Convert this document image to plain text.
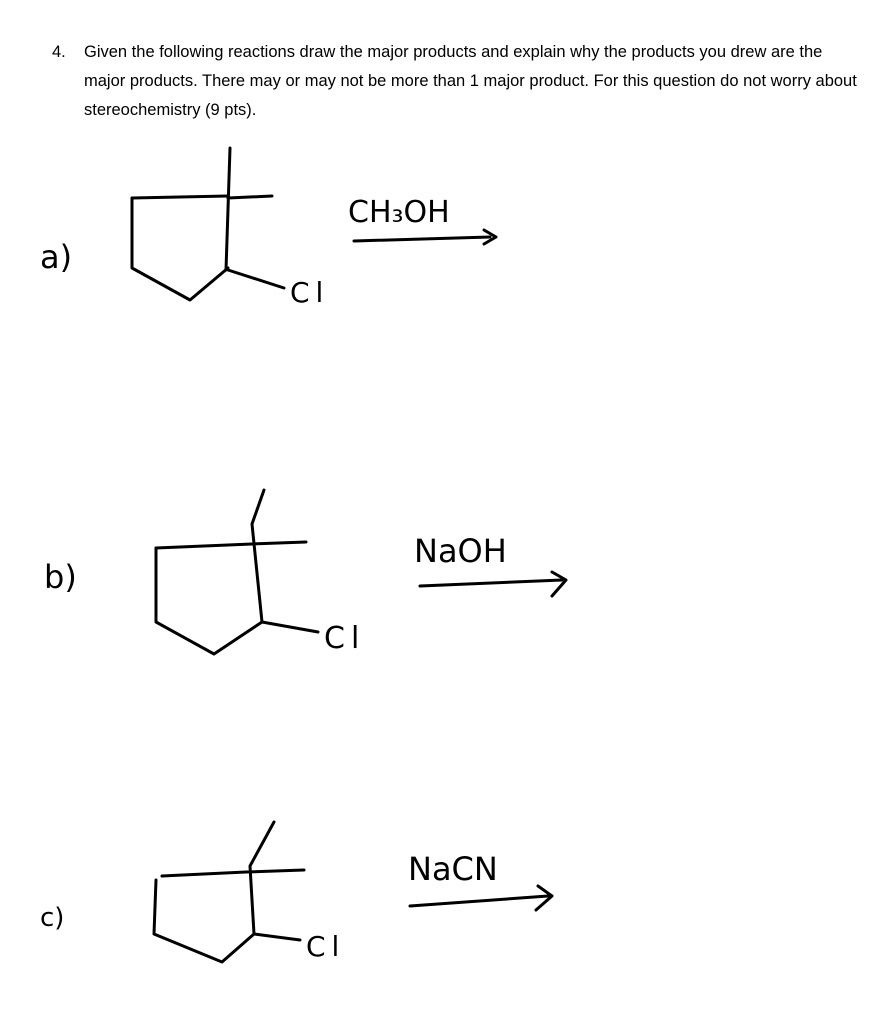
4. Given the following reactions draw the major products and explain why the products you drew are the major products. There may or may not be more than 1 major product. For this question do not worry about stereochemistry (9 pts).
a)
Cl
CH₃OH
b)
Cl
NaOH
c)
Cl
NaCN
